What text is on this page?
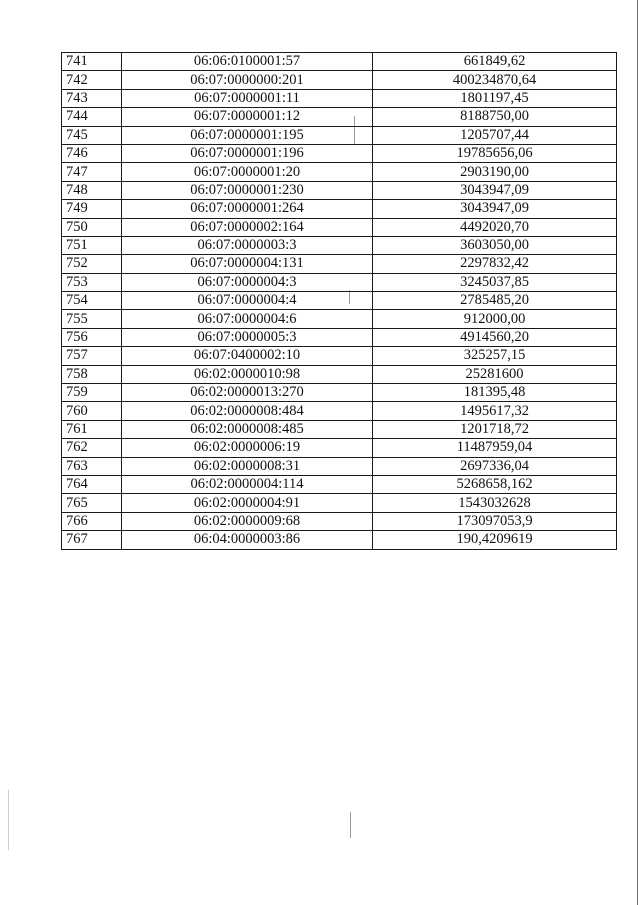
741	06:06:0100001:57	661849,62
742	06:07:0000000:201	400234870,64
743	06:07:0000001:11	1801197,45
744	06:07:0000001:12	8188750,00
745	06:07:0000001:195	1205707,44
746	06:07:0000001:196	19785656,06
747	06:07:0000001:20	2903190,00
748	06:07:0000001:230	3043947,09
749	06:07:0000001:264	3043947,09
750	06:07:0000002:164	4492020,70
751	06:07:0000003:3	3603050,00
752	06:07:0000004:131	2297832,42
753	06:07:0000004:3	3245037,85
754	06:07:0000004:4	2785485,20
755	06:07:0000004:6	912000,00
756	06:07:0000005:3	4914560,20
757	06:07:0400002:10	325257,15
758	06:02:0000010:98	25281600
759	06:02:0000013:270	181395,48
760	06:02:0000008:484	1495617,32
761	06:02:0000008:485	1201718,72
762	06:02:0000006:19	11487959,04
763	06:02:0000008:31	2697336,04
764	06:02:0000004:114	5268658,162
765	06:02:0000004:91	1543032628
766	06:02:0000009:68	173097053,9
767	06:04:0000003:86	190,4209619
